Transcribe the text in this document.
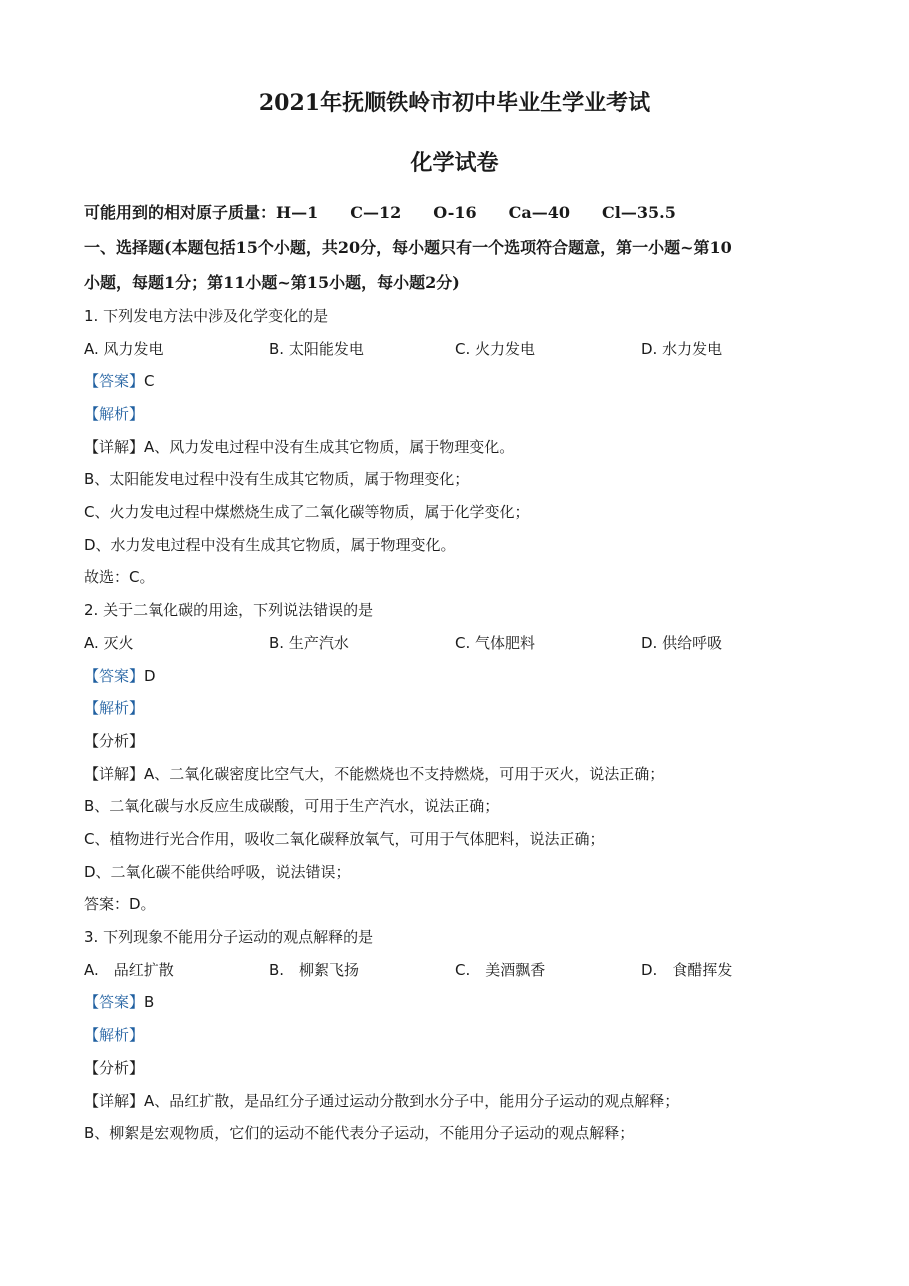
2021年抚顺铁岭市初中毕业生学业考试
化学试卷
可能用到的相对原子质量：H—1　　C—12　　O-16　　Ca—40　　Cl—35.5
一、选择题(本题包括15个小题，共20分，每小题只有一个选项符合题意，第一小题~第10
小题，每题1分；第11小题~第15小题，每小题2分)
1. 下列发电方法中涉及化学变化的是
A. 风力发电	B. 太阳能发电	C. 火力发电	D. 水力发电
【答案】C
【解析】
【详解】A、风力发电过程中没有生成其它物质，属于物理变化。
B、太阳能发电过程中没有生成其它物质，属于物理变化；
C、火力发电过程中煤燃烧生成了二氧化碳等物质，属于化学变化；
D、水力发电过程中没有生成其它物质，属于物理变化。
故选：C。
2. 关于二氧化碳的用途，下列说法错误的是
A. 灭火	B. 生产汽水	C. 气体肥料	D. 供给呼吸
【答案】D
【解析】
【分析】
【详解】A、二氧化碳密度比空气大，不能燃烧也不支持燃烧，可用于灭火，说法正确；
B、二氧化碳与水反应生成碳酸，可用于生产汽水，说法正确；
C、植物进行光合作用，吸收二氧化碳释放氧气，可用于气体肥料，说法正确；
D、二氧化碳不能供给呼吸，说法错误；
答案：D。
3. 下列现象不能用分子运动的观点解释的是
A.　品红扩散	B.　柳絮飞扬	C.　美酒飘香	D.　食醋挥发
【答案】B
【解析】
【分析】
【详解】A、品红扩散，是品红分子通过运动分散到水分子中，能用分子运动的观点解释；
B、柳絮是宏观物质，它们的运动不能代表分子运动，不能用分子运动的观点解释；
